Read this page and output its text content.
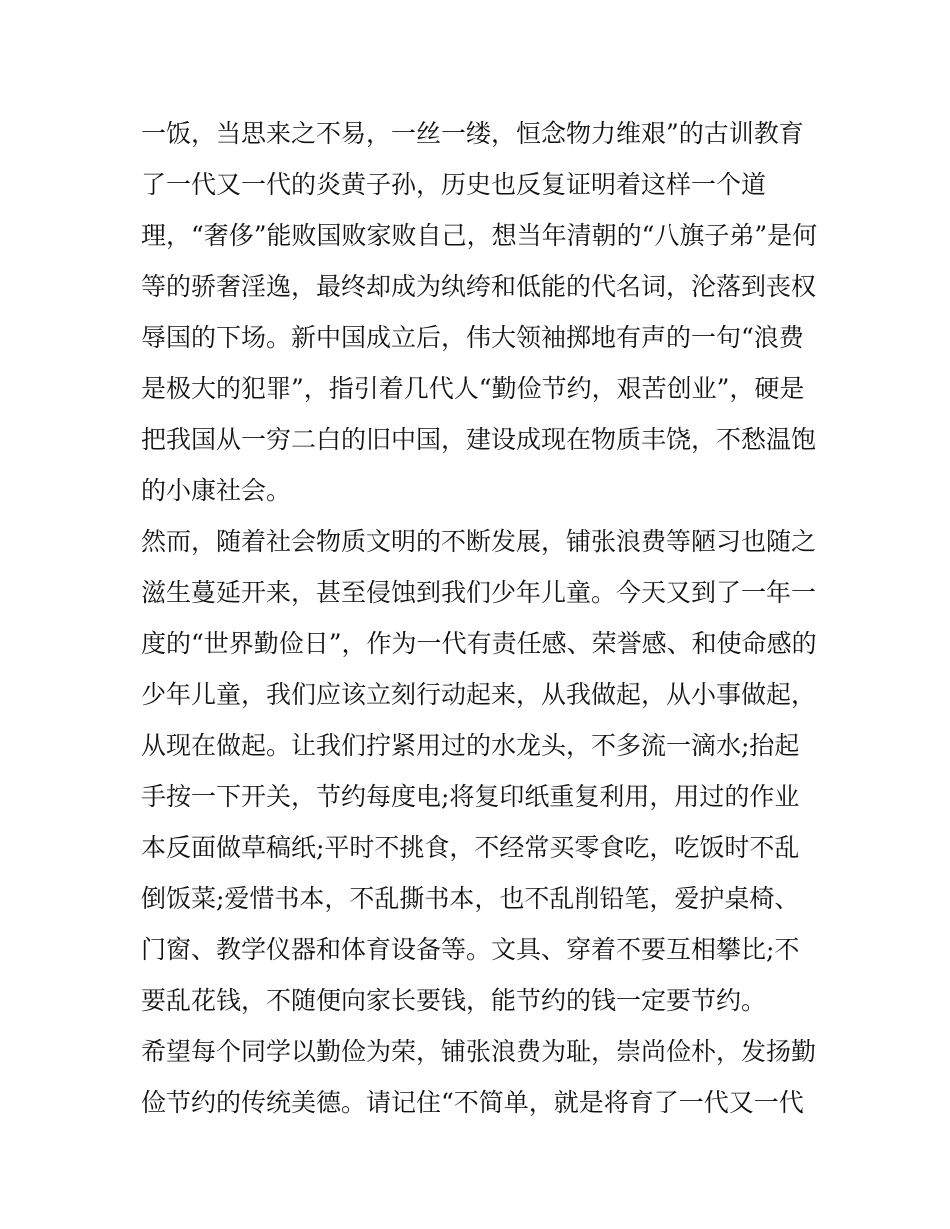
一饭，当思来之不易，一丝一缕，恒念物力维艰”的古训教育
了一代又一代的炎黄子孙，历史也反复证明着这样一个道
理，“奢侈”能败国败家败自己，想当年清朝的“八旗子弟”是何
等的骄奢淫逸，最终却成为纨绔和低能的代名词，沦落到丧权
辱国的下场。新中国成立后，伟大领袖掷地有声的一句“浪费
是极大的犯罪”，指引着几代人“勤俭节约，艰苦创业”，硬是
把我国从一穷二白的旧中国，建设成现在物质丰饶，不愁温饱
的小康社会。
然而，随着社会物质文明的不断发展，铺张浪费等陋习也随之
滋生蔓延开来，甚至侵蚀到我们少年儿童。今天又到了一年一
度的“世界勤俭日”，作为一代有责任感、荣誉感、和使命感的
少年儿童，我们应该立刻行动起来，从我做起，从小事做起，
从现在做起。让我们拧紧用过的水龙头，不多流一滴水;抬起
手按一下开关，节约每度电;将复印纸重复利用，用过的作业
本反面做草稿纸;平时不挑食，不经常买零食吃，吃饭时不乱
倒饭菜;爱惜书本，不乱撕书本，也不乱削铅笔，爱护桌椅、
门窗、教学仪器和体育设备等。文具、穿着不要互相攀比;不
要乱花钱，不随便向家长要钱，能节约的钱一定要节约。
希望每个同学以勤俭为荣，铺张浪费为耻，崇尚俭朴，发扬勤
俭节约的传统美德。请记住“不简单，就是将育了一代又一代
